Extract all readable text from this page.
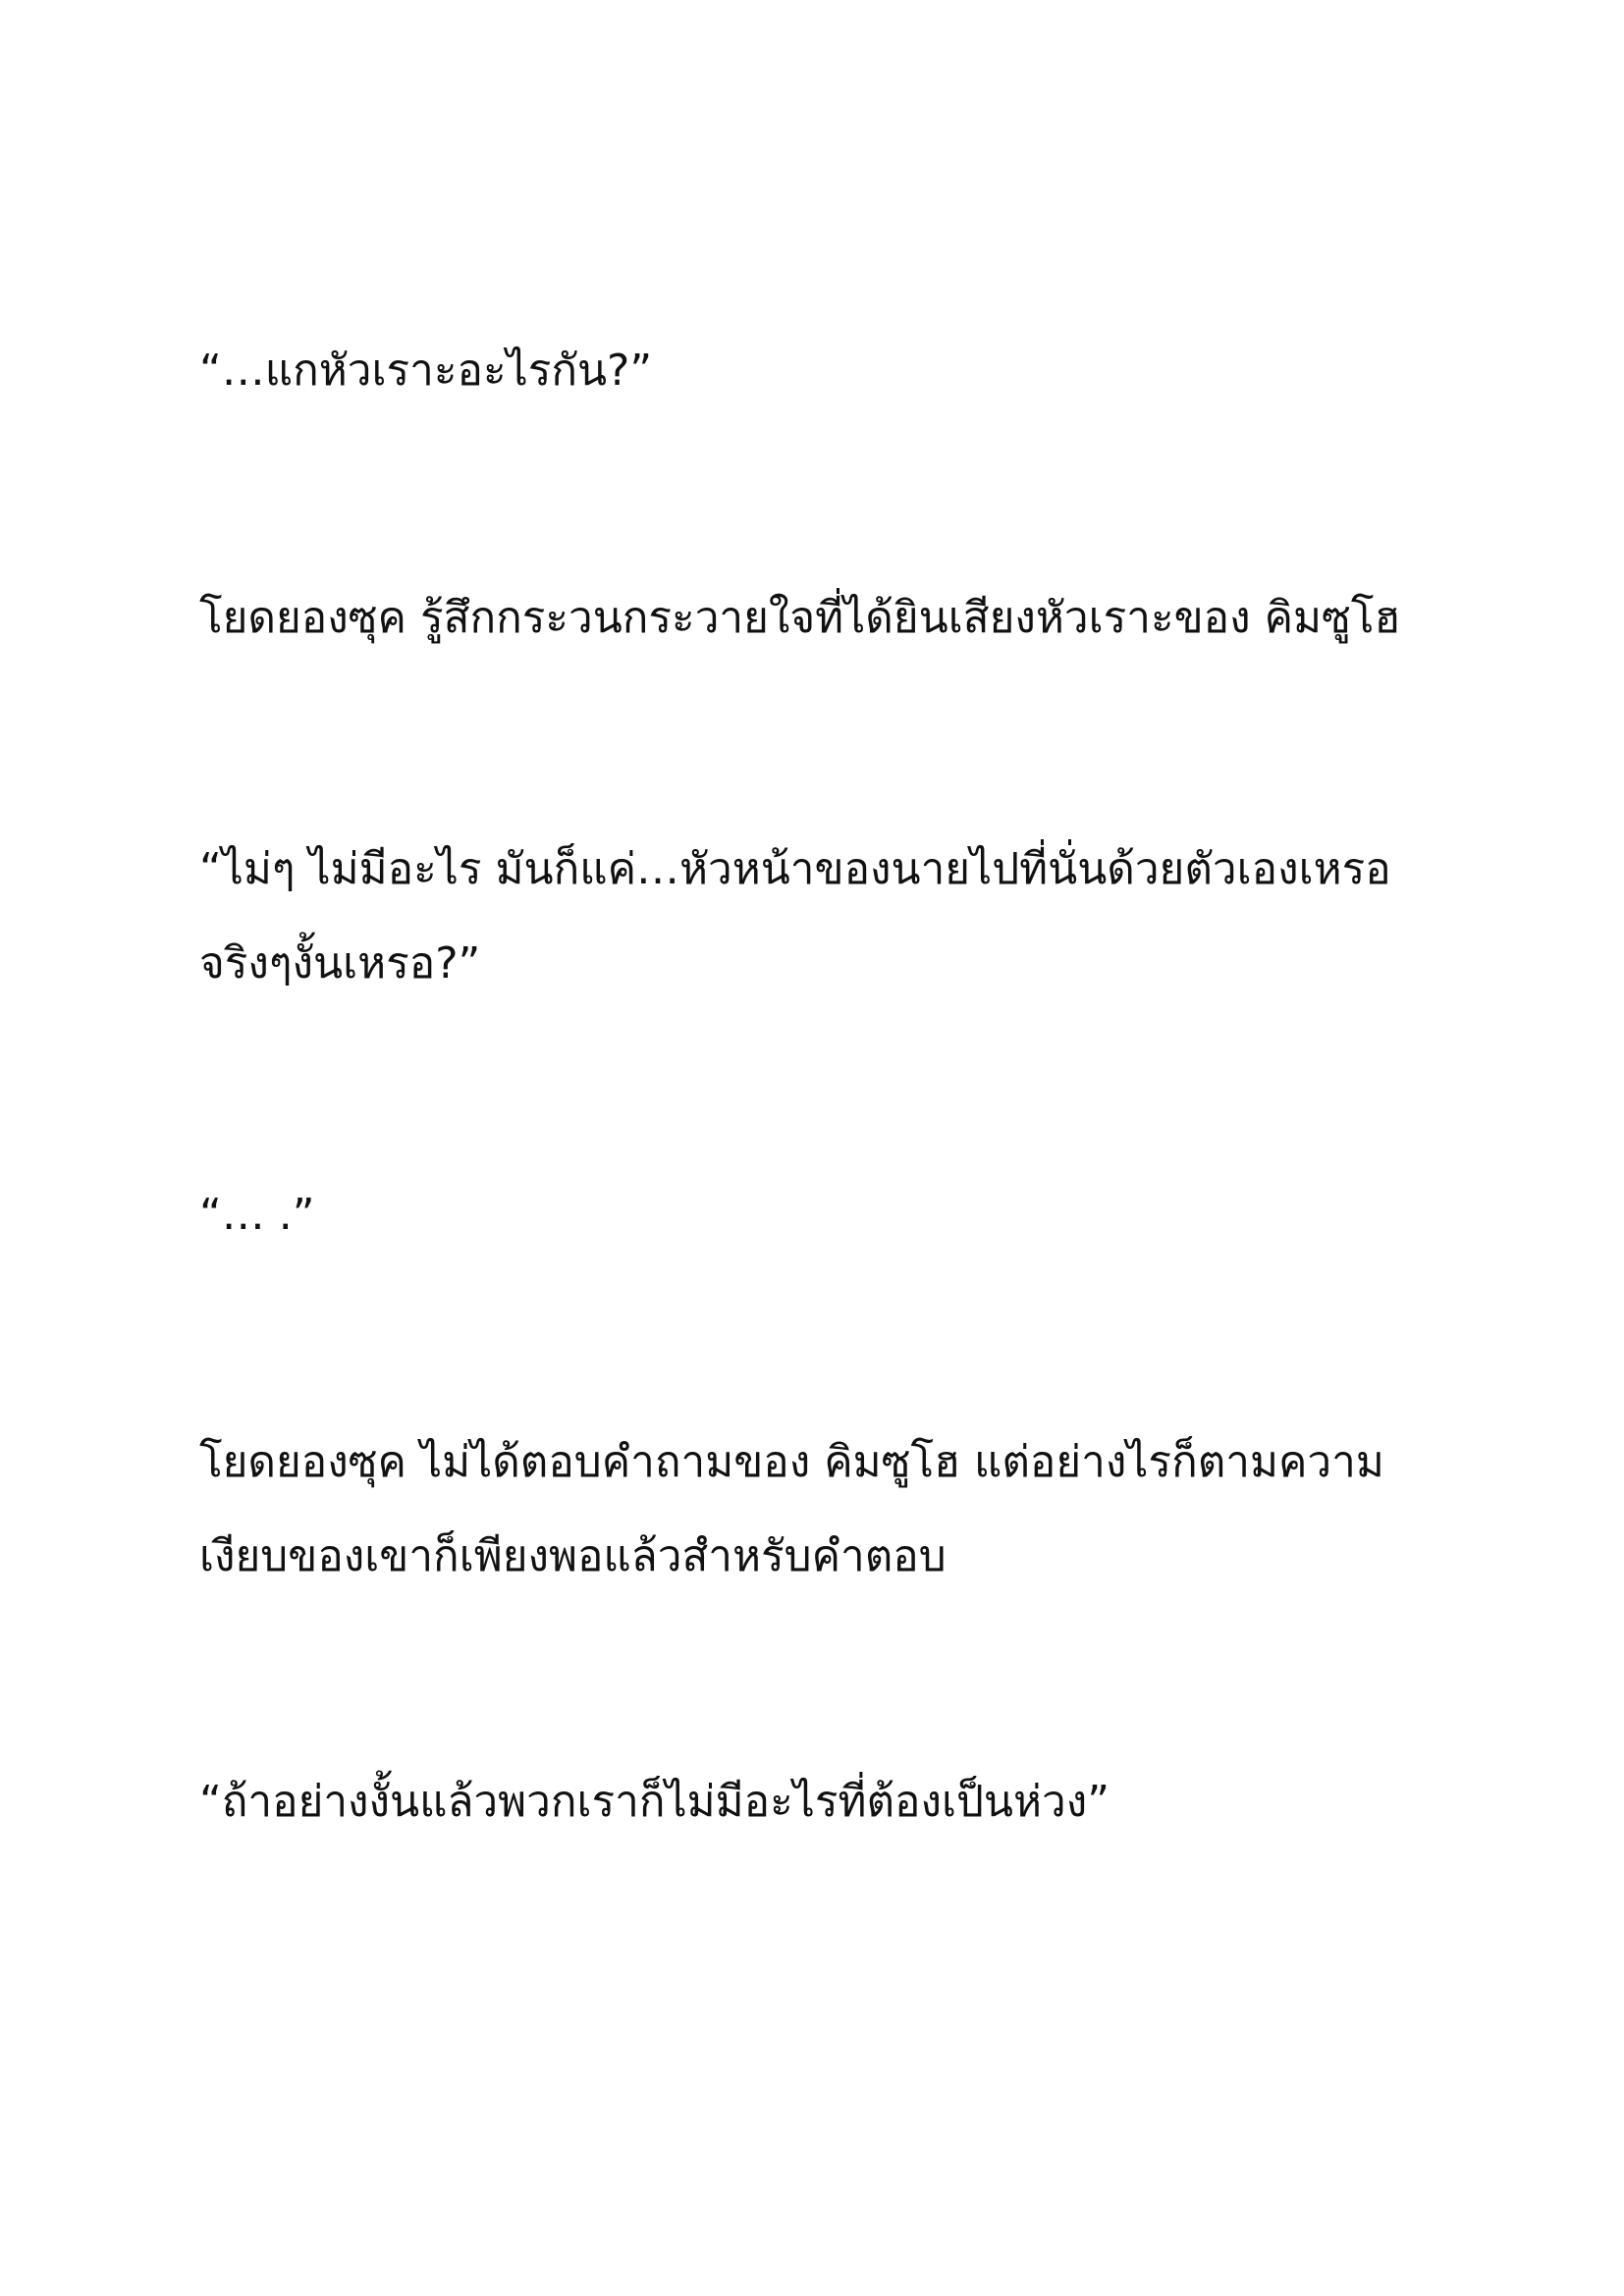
“…แกหัวเราะอะไรกัน?”

โยดยองซุค รู้สึกกระวนกระวายใจที่ได้ยินเสียงหัวเราะของ คิมซูโฮ

“ไม่ๆ ไม่มีอะไร มันก็แค่…หัวหน้าของนายไปที่นั่นด้วยตัวเองเหรอ
จริงๆงั้นเหรอ?”

“… .”

โยดยองซุค ไม่ได้ตอบคำถามของ คิมซูโฮ แต่อย่างไรก็ตามความ
เงียบของเขาก็เพียงพอแล้วสำหรับคำตอบ

“ถ้าอย่างงั้นแล้วพวกเราก็ไม่มีอะไรที่ต้องเป็นห่วง”
